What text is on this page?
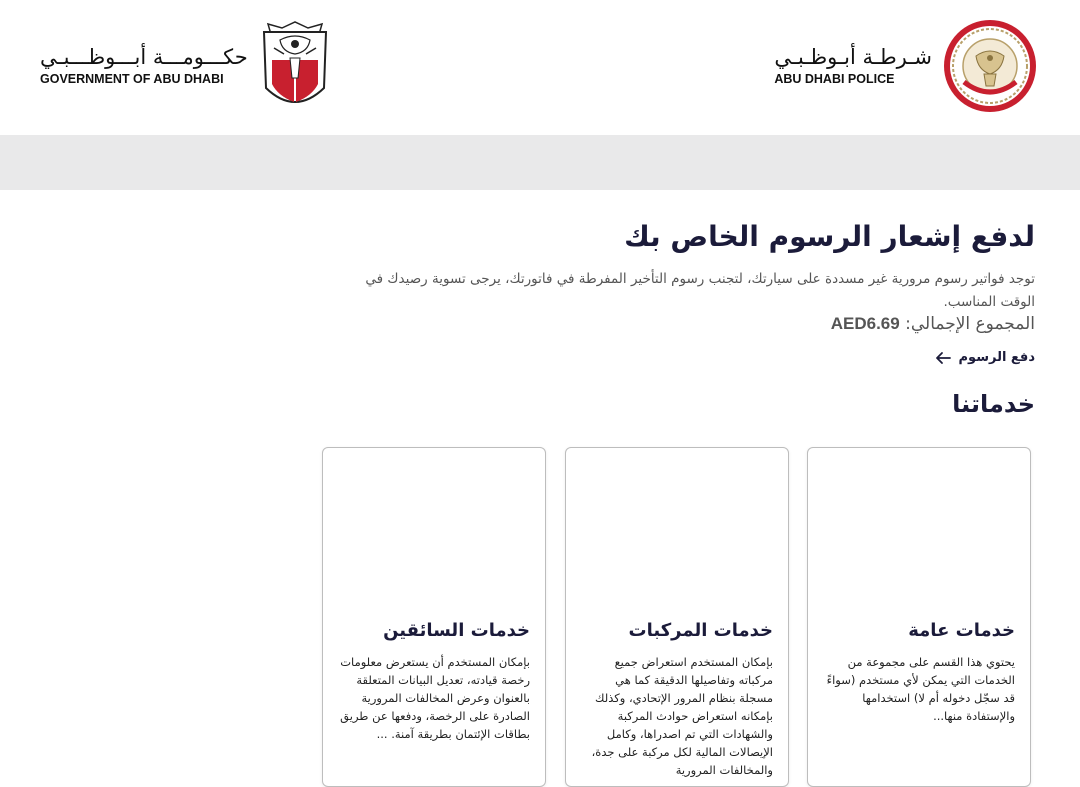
حكـــومـــة أبـــوظـــبـي
GOVERNMENT OF ABU DHABI
شـرطـة أبـوظـبـي
ABU DHABI POLICE
لدفع إشعار الرسوم الخاص بك

توجد فواتير رسوم مرورية غير مسددة على سيارتك، لتجنب رسوم التأخير المفرطة في فاتورتك، يرجى تسوية رصيدك في الوقت المناسب.

المجموع الإجمالي: AED6.69
دفع الرسوم
خدماتنا
خدمات عامة

يحتوي هذا القسم على مجموعة من الخدمات التي يمكن لأي مستخدم (سواءً قد سجّل دخوله أم لا) استخدامها والإستفادة منها...

خدمات المركبات

بإمكان المستخدم استعراض جميع مركباته وتفاصيلها الدقيقة كما هي مسجلة بنظام المرور الإتحادي، وكذلك بإمكانه استعراض حوادث المركبة والشهادات التي تم اصدراها، وكامل الإيصالات المالية لكل مركبة على جدة، والمخالفات المرورية

خدمات السائقين

بإمكان المستخدم أن يستعرض معلومات رخصة قيادته، تعديل البيانات المتعلقة بالعنوان وعرض المخالفات المرورية الصادرة على الرخصة، ودفعها عن طريق بطاقات الإئتمان بطريقة آمنة. ...
